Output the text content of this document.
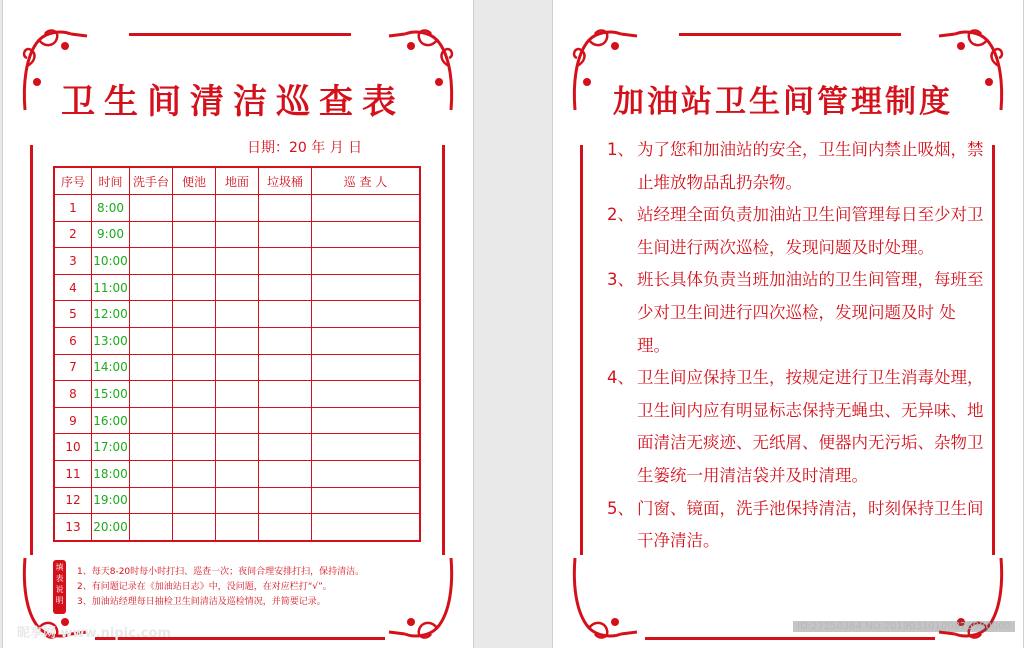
卫生间清洁巡查表
日期：20 年 月 日
序号	时间	洗手台	便池	地面	垃圾桶	巡 查 人
1	8:00					
2	9:00					
3	10:00					
4	11:00					
5	12:00					
6	13:00					
7	14:00					
8	15:00					
9	16:00					
10	17:00					
11	18:00					
12	19:00					
13	20:00					
填表说明
1、每天8-20时每小时打扫、巡查一次；夜间合理安排打扫，保持清洁。
2、有问题记录在《加油站日志》中，没问题，在对应栏打“√”。
3、加油站经理每日抽检卫生间清洁及巡检情况，并简要记录。
昵享网 www.nipic.com
加油站卫生间管理制度

1、 为了您和加油站的安全，卫生间内禁止吸烟，禁止堆放物品乱扔杂物。

2、 站经理全面负责加油站卫生间管理每日至少对卫生间进行两次巡检，发现问题及时处理。

3、 班长具体负责当班加油站的卫生间管理，每班至少对卫生间进行四次巡检，发现问题及时 处理。

4、 卫生间应保持卫生，按规定进行卫生消毒处理，卫生间内应有明显标志保持无蝇虫、无异味、地面清洁无痰迹、无纸屑、便器内无污垢、杂物卫生篓统一用清洁袋并及时清理。

5、 门窗、镜面，洗手池保持清洁，时刻保持卫生间干净清洁。

ID:27250364 NO:20190310100826980000
